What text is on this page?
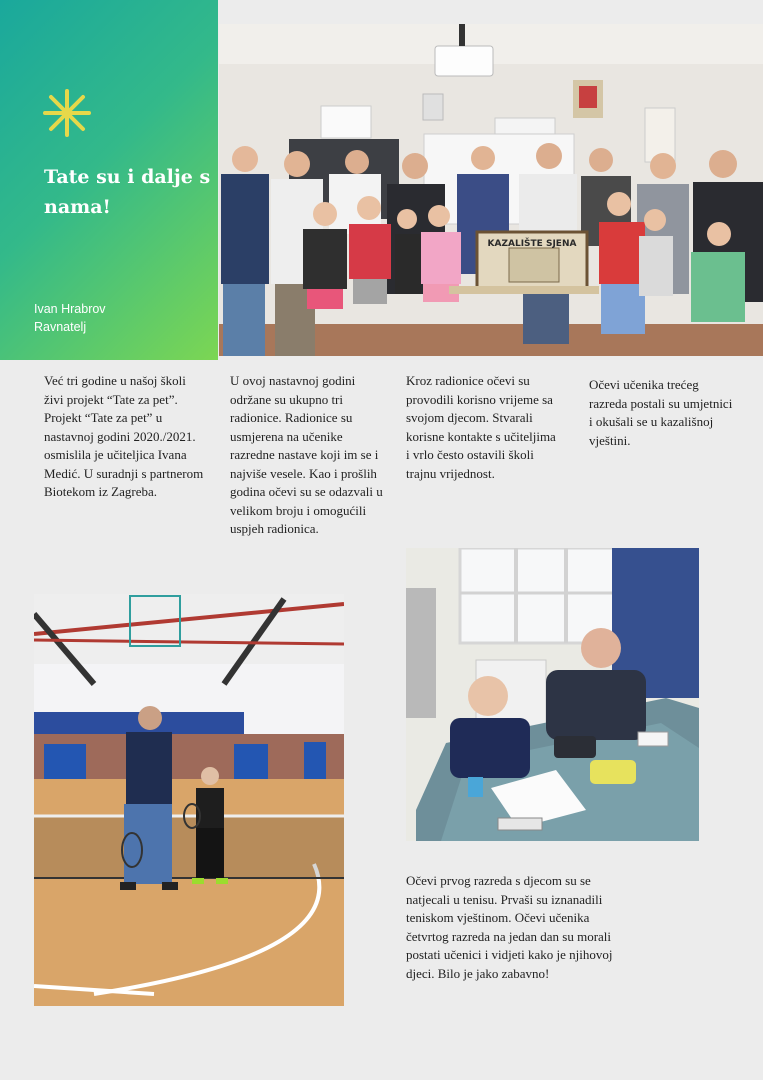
Tate su i dalje s nama!
Ivan Hrabrov
Ravnatelj
KAZALIŠTE SJENA

Već tri godine u našoj školi živi projekt “Tate za pet”. Projekt “Tate za pet” u nastavnoj godini 2020./2021. osmislila je učiteljica Ivana Medić. U suradnji s partnerom Biotekom iz Zagreba.

U ovoj nastavnoj godini održane su ukupno tri radionice. Radionice su usmjerena na učenike razredne nastave koji im se i najviše vesele. Kao i prošlih godina očevi su se odazvali u velikom broju i omogućili uspjeh radionica.

Kroz radionice očevi su provodili korisno vrijeme sa svojom djecom. Stvarali korisne kontakte s učiteljima i vrlo često ostavili školi trajnu vrijednost.

Očevi učenika trećeg razreda postali su umjetnici i okušali se u kazališnoj vještini.

Očevi prvog razreda s djecom su se natjecali u tenisu. Prvaši su iznanadili teniskom vještinom. Očevi učenika četvrtog razreda na jedan dan su morali postati učenici i vidjeti kako je njihovoj djeci. Bilo je jako zabavno!
